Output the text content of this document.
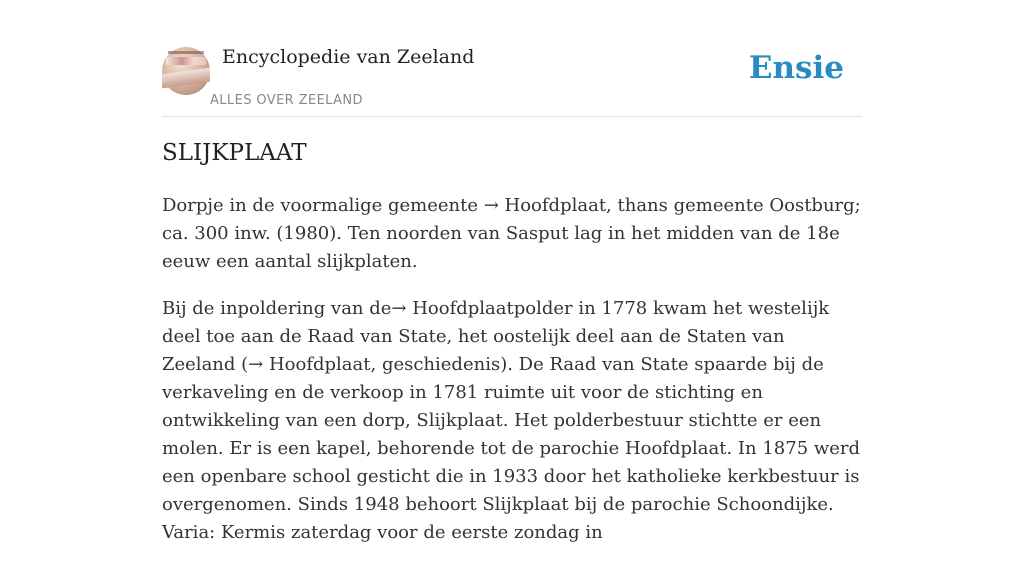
Encyclopedie van Zeeland
ALLES OVER ZEELAND
Ensie
SLIJKPLAAT

Dorpje in de voormalige gemeente → Hoofdplaat, thans gemeente Oostburg; ca. 300 inw. (1980). Ten noorden van Sasput lag in het midden van de 18e eeuw een aantal slijkplaten.

Bij de inpoldering van de→ Hoofdplaatpolder in 1778 kwam het westelijk deel toe aan de Raad van State, het oostelijk deel aan de Staten van Zeeland (→ Hoofdplaat, geschiedenis). De Raad van State spaarde bij de verkaveling en de verkoop in 1781 ruimte uit voor de stichting en ontwikkeling van een dorp, Slijkplaat. Het polderbestuur stichtte er een molen. Er is een kapel, behorende tot de parochie Hoofdplaat. In 1875 werd een openbare school gesticht die in 1933 door het katholieke kerkbestuur is overgenomen. Sinds 1948 behoort Slijkplaat bij de parochie Schoondijke. Varia: Kermis zaterdag voor de eerste zondag in
